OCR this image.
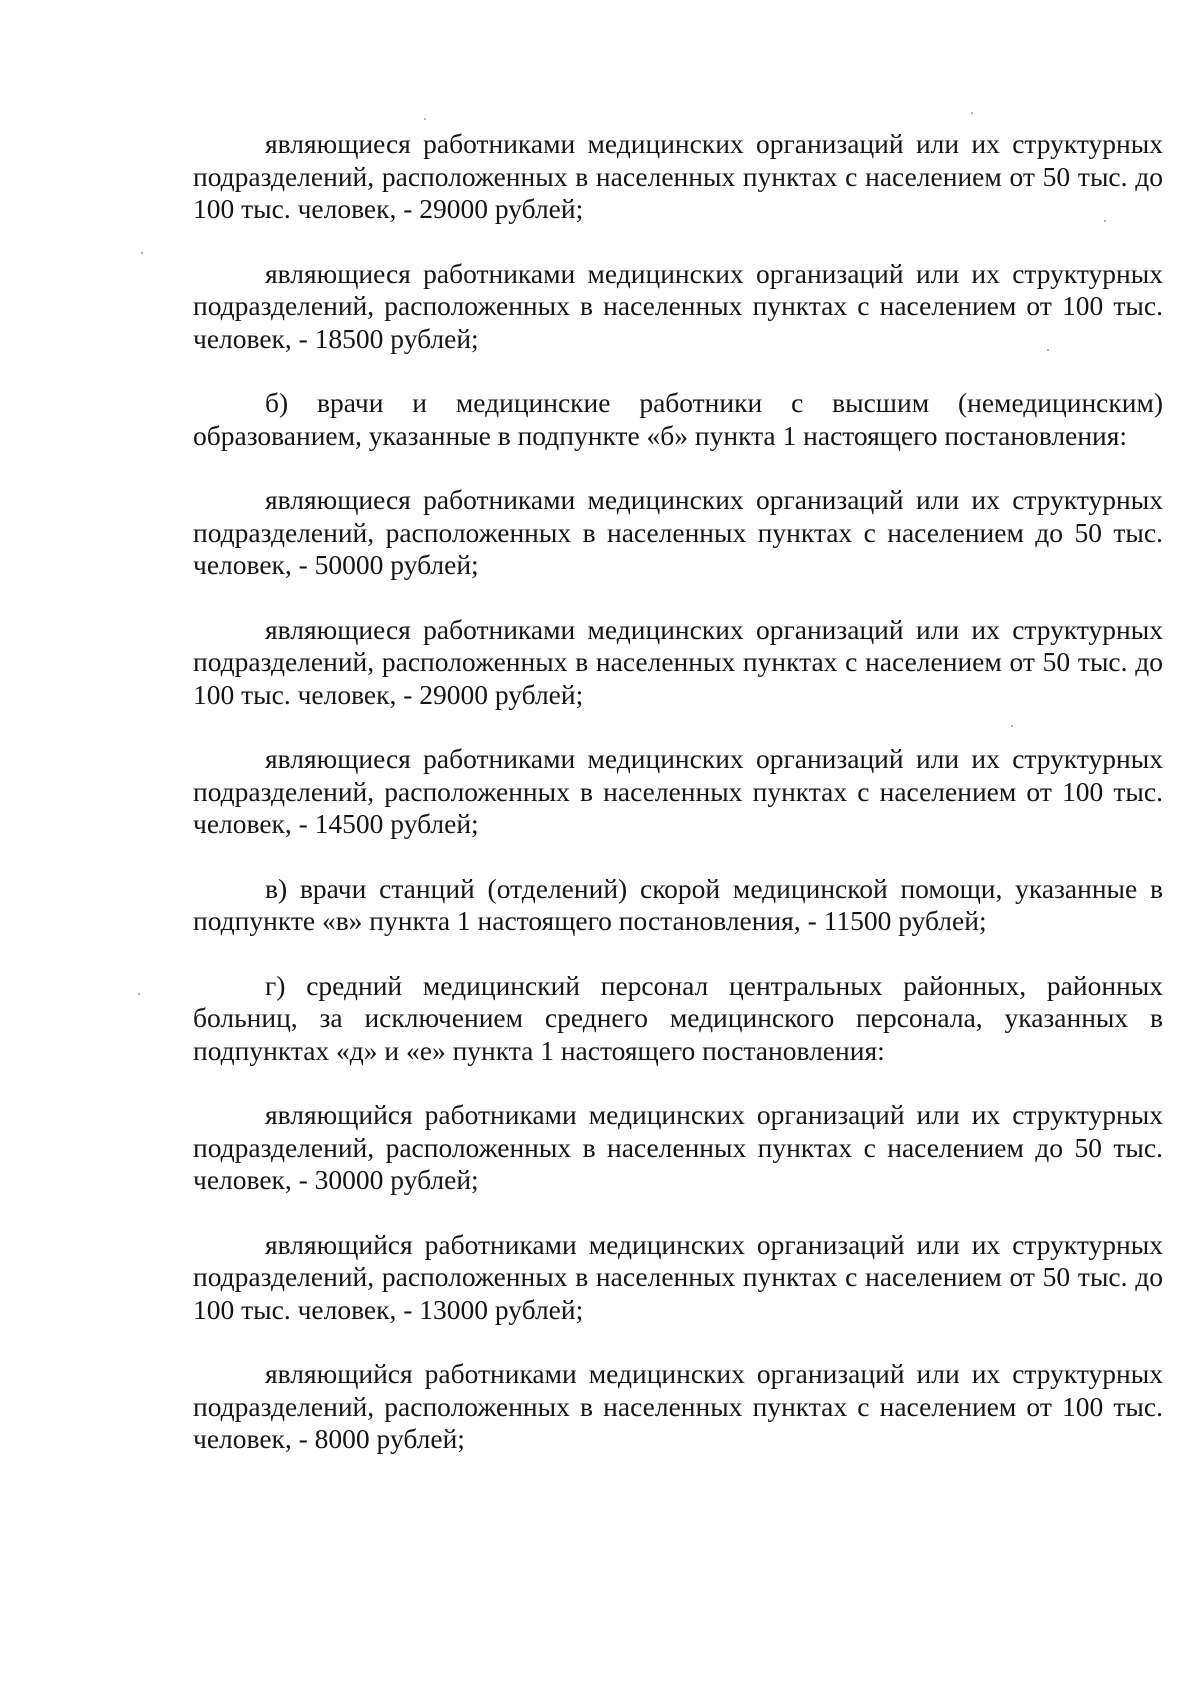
являющиеся работниками медицинских организаций или их структурных подразделений, расположенных в населенных пунктах с населением от 50 тыс. до 100 тыс. человек, - 29000 рублей;

являющиеся работниками медицинских организаций или их структурных подразделений, расположенных в населенных пунктах с населением от 100 тыс. человек, - 18500 рублей;

б) врачи и медицинские работники с высшим (немедицинским) образованием, указанные в подпункте «б» пункта 1 настоящего постановления:

являющиеся работниками медицинских организаций или их структурных подразделений, расположенных в населенных пунктах с населением до 50 тыс. человек, - 50000 рублей;

являющиеся работниками медицинских организаций или их структурных подразделений, расположенных в населенных пунктах с населением от 50 тыс. до 100 тыс. человек, - 29000 рублей;

являющиеся работниками медицинских организаций или их структурных подразделений, расположенных в населенных пунктах с населением от 100 тыс. человек, - 14500 рублей;

в) врачи станций (отделений) скорой медицинской помощи, указанные в подпункте «в» пункта 1 настоящего постановления, - 11500 рублей;

г) средний медицинский персонал центральных районных, районных больниц, за исключением среднего медицинского персонала, указанных в подпунктах «д» и «е» пункта 1 настоящего постановления:

являющийся работниками медицинских организаций или их структурных подразделений, расположенных в населенных пунктах с населением до 50 тыс. человек, - 30000 рублей;

являющийся работниками медицинских организаций или их структурных подразделений, расположенных в населенных пунктах с населением от 50 тыс. до 100 тыс. человек, - 13000 рублей;

являющийся работниками медицинских организаций или их структурных подразделений, расположенных в населенных пунктах с населением от 100 тыс. человек, - 8000 рублей;
